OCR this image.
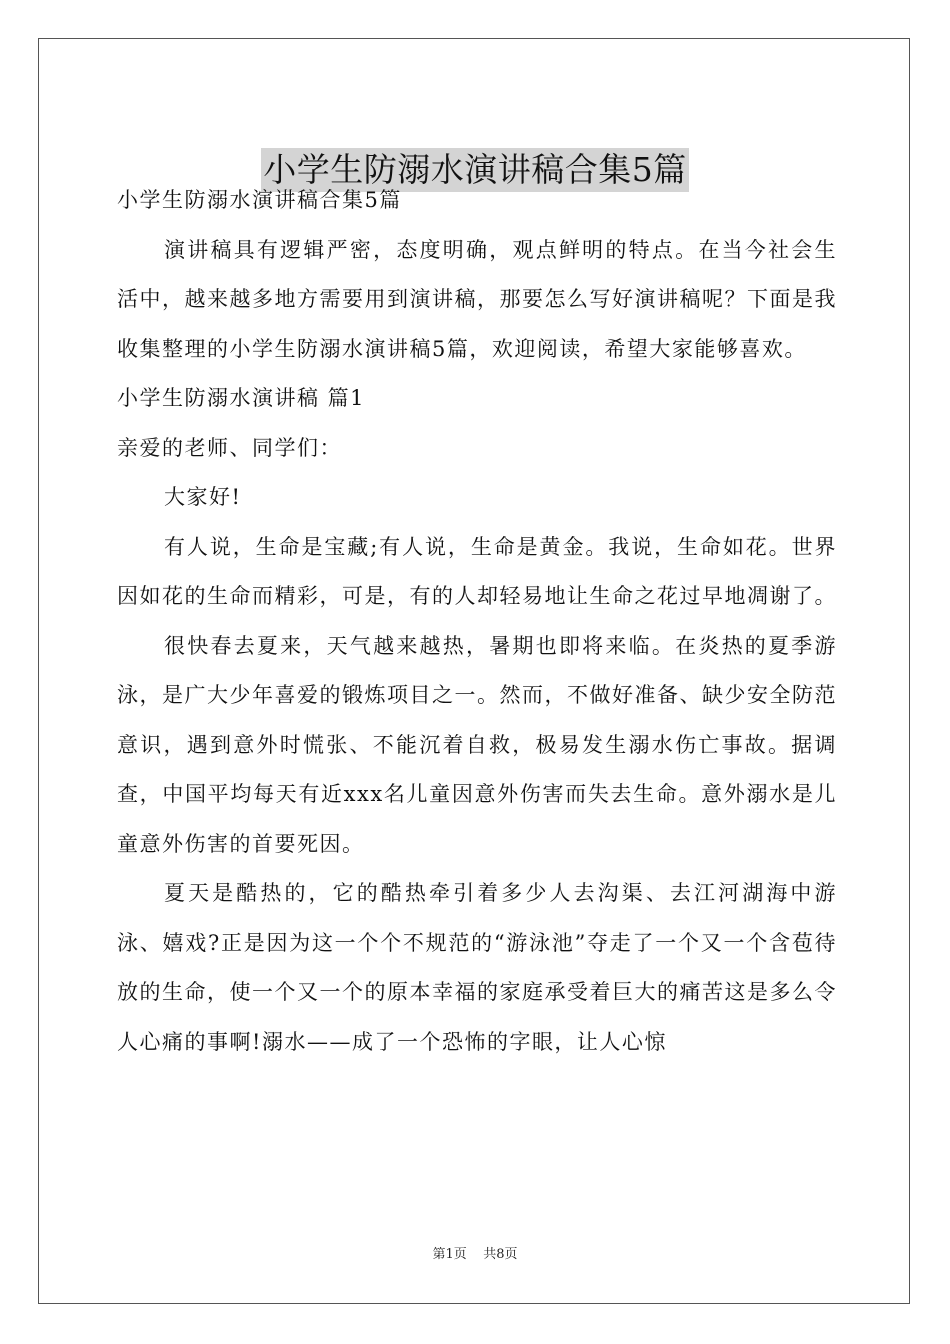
小学生防溺水演讲稿合集5篇

小学生防溺水演讲稿合集5篇

演讲稿具有逻辑严密，态度明确，观点鲜明的特点。在当今社会生活中，越来越多地方需要用到演讲稿，那要怎么写好演讲稿呢？下面是我收集整理的小学生防溺水演讲稿5篇，欢迎阅读，希望大家能够喜欢。

小学生防溺水演讲稿 篇1

亲爱的老师、同学们：

大家好!

有人说，生命是宝藏;有人说，生命是黄金。我说，生命如花。世界因如花的生命而精彩，可是，有的人却轻易地让生命之花过早地凋谢了。

很快春去夏来，天气越来越热，暑期也即将来临。在炎热的夏季游泳，是广大少年喜爱的锻炼项目之一。然而，不做好准备、缺少安全防范意识，遇到意外时慌张、不能沉着自救，极易发生溺水伤亡事故。据调查，中国平均每天有近xxx名儿童因意外伤害而失去生命。意外溺水是儿童意外伤害的首要死因。

夏天是酷热的，它的酷热牵引着多少人去沟渠、去江河湖海中游泳、嬉戏?正是因为这一个个不规范的“游泳池”夺走了一个又一个含苞待放的生命，使一个又一个的原本幸福的家庭承受着巨大的痛苦这是多么令人心痛的事啊!溺水——成了一个恐怖的字眼，让人心惊

第1页 共8页
